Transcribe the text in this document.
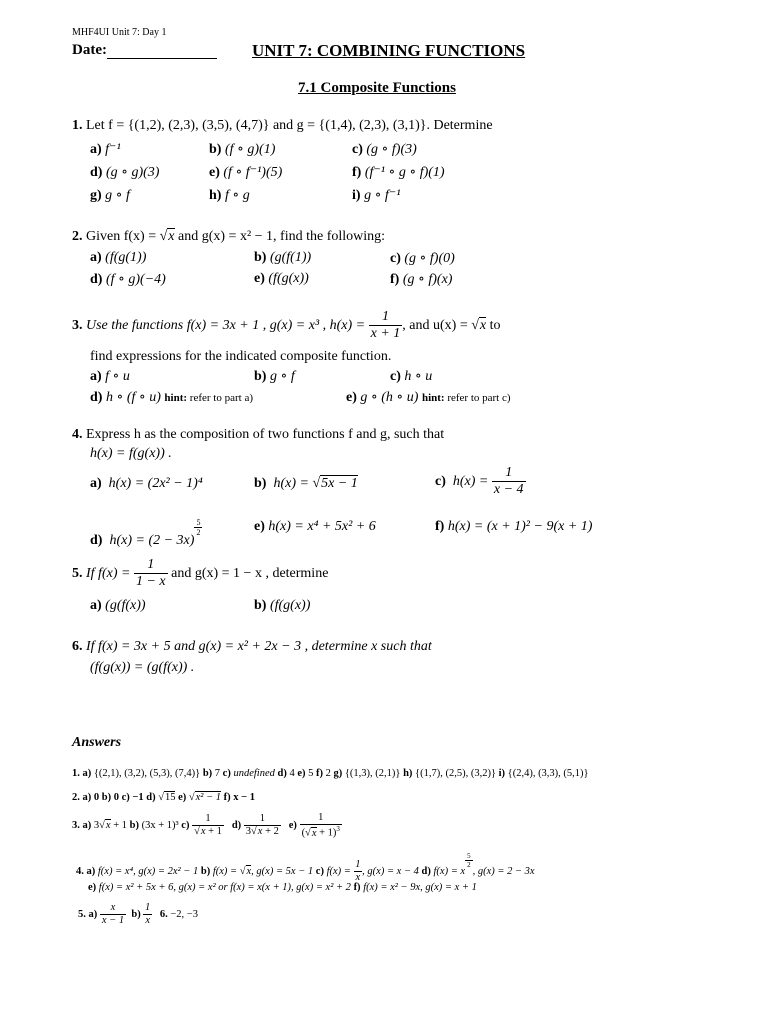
MHF4UI Unit 7: Day 1
Date:	UNIT 7: COMBINING FUNCTIONS
7.1 Composite Functions
1. Let f = {(1,2), (2,3), (3,5), (4,7)} and g = {(1,4), (2,3), (3,1)}. Determine
a) f⁻¹	b) (f ∘ g)(1)	c) (g ∘ f)(3)
d) (g ∘ g)(3)	e) (f ∘ f⁻¹)(5)	f) (f⁻¹ ∘ g ∘ f)(1)
g) g ∘ f	h) f ∘ g	i) g ∘ f⁻¹
2. Given f(x) = √x and g(x) = x² − 1, find the following:
a) (f(g(1))	b) (g(f(1))	c) (g ∘ f)(0)
d) (f ∘ g)(−4)	e) (f(g(x))	f) (g ∘ f)(x)
3. Use the functions f(x) = 3x + 1 , g(x) = x³ , $h(x) = \frac{1}{x + 1}$ , and u(x) = √x to
find expressions for the indicated composite function.
a) f ∘ u	b) g ∘ f	c) h ∘ u
d) h ∘ (f ∘ u) hint: refer to part a)	e) g ∘ (h ∘ u) hint: refer to part c)
4. Express h as the composition of two functions f and g, such that
h(x) = f(g(x)) .
a) h(x) = (2x² − 1)⁴	b) h(x) = √5x − 1	c) $h(x) = \frac{1}{x - 4}$
d) h(x) = (2 − 3x)
$\frac{5}{2}$	e) h(x) = x⁴ + 5x² + 6	f) h(x) = (x + 1)² − 9(x + 1)
5. If $f(x) = \frac{1}{1 - x}$ and g(x) = 1 − x , determine
a) (g(f(x))	b) (f(g(x))
6. If f(x) = 3x + 5 and g(x) = x² + 2x − 3 , determine x such that
(f(g(x)) = (g(f(x)) .
Answers
1. a) {(2,1), (3,2), (5,3), (7,4)} b) 7 c) undefined d) 4 e) 5 f) 2 g) {(1,3), (2,1)} h) {(1,7), (2,5), (3,2)} i) {(2,4), (3,3), (5,1)}
2. a) 0 b) 0 c) −1 d) √15 e) √x² − 1 f) x − 1
3. a) 3√x + 1 b) (3x + 1)³ $c) \frac{1}{√x + 1} d) \frac{1}{3√x + 2} e) \frac{1}{(√x + 1)^3}$
4. a) f(x) = x⁴, g(x) = 2x² − 1 b) f(x) = √x, g(x) = 5x − 1 c) $f(x) = \frac{1}{x}$ , g(x) = x − 4 d) f(x) = x
$\frac{5}{2}$
, g(x) = 2 − 3x
e) f(x) = x² + 5x + 6, g(x) = x² or f(x) = x(x + 1), g(x) = x² + 2 f) f(x) = x² − 9x, g(x) = x + 1
5. $a) \frac{x}{x - 1} b) \frac{1}{x} 6$. −2, −3
